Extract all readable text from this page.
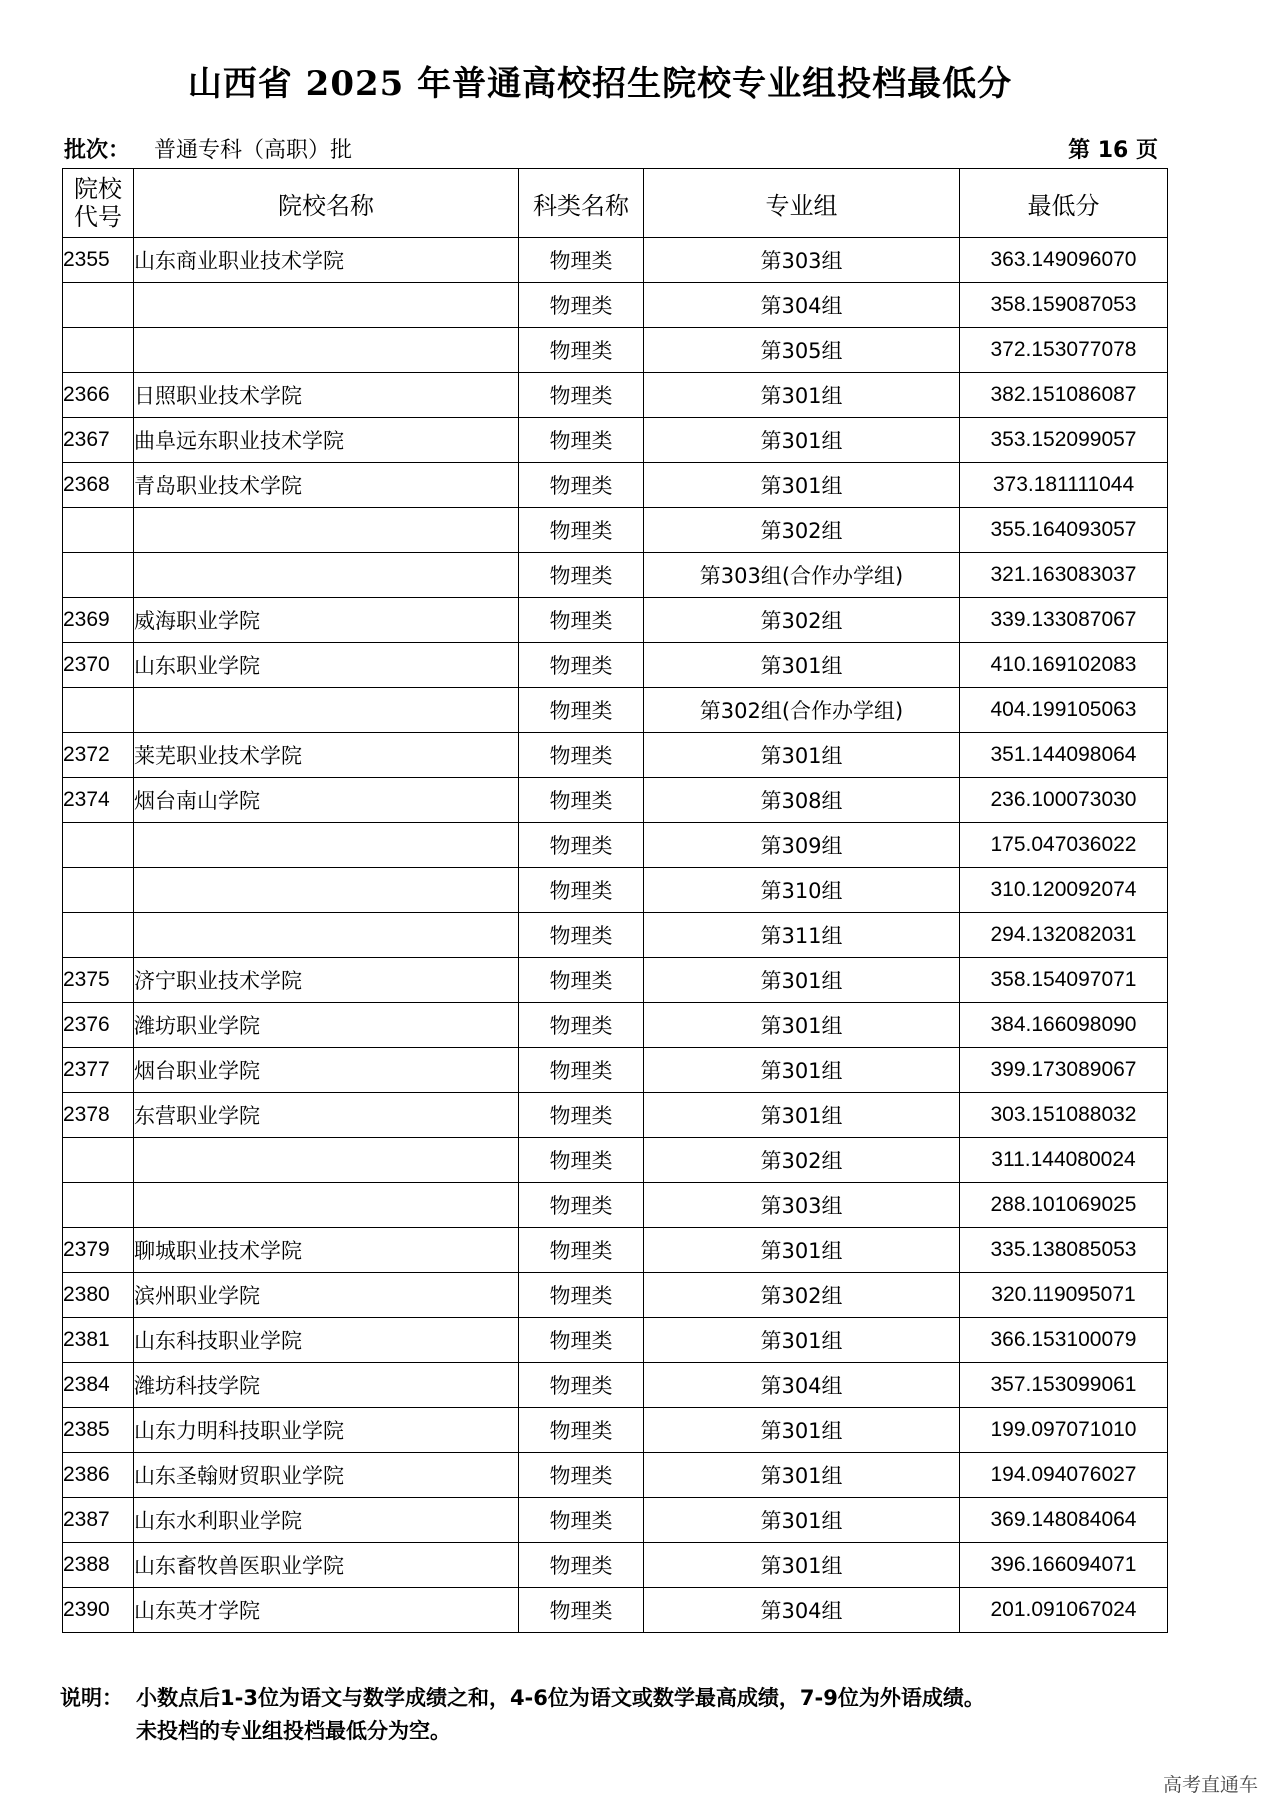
山西省 2025 年普通高校招生院校专业组投档最低分
批次： 普通专科（高职）批	第 16 页
院校
代号	院校名称	科类名称	专业组	最低分
2355	山东商业职业技术学院	物理类	第303组	363.149096070
		物理类	第304组	358.159087053
		物理类	第305组	372.153077078
2366	日照职业技术学院	物理类	第301组	382.151086087
2367	曲阜远东职业技术学院	物理类	第301组	353.152099057
2368	青岛职业技术学院	物理类	第301组	373.181111044
		物理类	第302组	355.164093057
		物理类	第303组(合作办学组)	321.163083037
2369	威海职业学院	物理类	第302组	339.133087067
2370	山东职业学院	物理类	第301组	410.169102083
		物理类	第302组(合作办学组)	404.199105063
2372	莱芜职业技术学院	物理类	第301组	351.144098064
2374	烟台南山学院	物理类	第308组	236.100073030
		物理类	第309组	175.047036022
		物理类	第310组	310.120092074
		物理类	第311组	294.132082031
2375	济宁职业技术学院	物理类	第301组	358.154097071
2376	潍坊职业学院	物理类	第301组	384.166098090
2377	烟台职业学院	物理类	第301组	399.173089067
2378	东营职业学院	物理类	第301组	303.151088032
		物理类	第302组	311.144080024
		物理类	第303组	288.101069025
2379	聊城职业技术学院	物理类	第301组	335.138085053
2380	滨州职业学院	物理类	第302组	320.119095071
2381	山东科技职业学院	物理类	第301组	366.153100079
2384	潍坊科技学院	物理类	第304组	357.153099061
2385	山东力明科技职业学院	物理类	第301组	199.097071010
2386	山东圣翰财贸职业学院	物理类	第301组	194.094076027
2387	山东水利职业学院	物理类	第301组	369.148084064
2388	山东畜牧兽医职业学院	物理类	第301组	396.166094071
2390	山东英才学院	物理类	第304组	201.091067024
说明： 小数点后1-3位为语文与数学成绩之和，4-6位为语文或数学最高成绩，7-9位为外语成绩。
未投档的专业组投档最低分为空。
高考直通车
